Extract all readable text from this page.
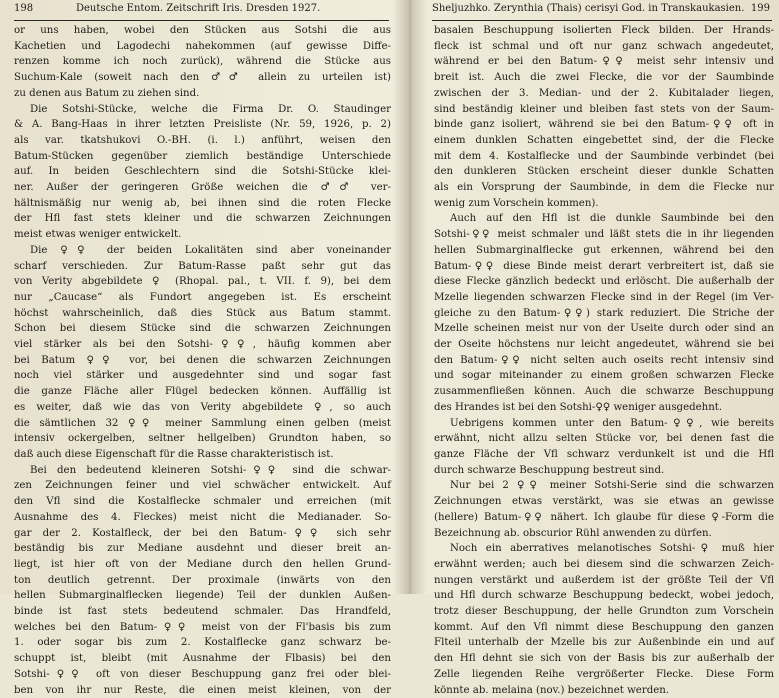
198	Deutsche Entom. Zeitschrift Iris. Dresden 1927.	Sheljuzhko. Zerynthia (Thais) cerisyi God. in Transkaukasien. 199
or uns haben, wobei den Stücken aus Sotshi die aus
Kachetien und Lagodechi nahekommen (auf gewisse Diffe-
renzen komme ich noch zurück), während die Stücke aus
Suchum-Kale (soweit nach den ♂♂ allein zu urteilen ist)
zu denen aus Batum zu ziehen sind.
Die Sotshi-Stücke, welche die Firma Dr. O. Staudinger
& A. Bang-Haas in ihrer letzten Preisliste (Nr. 59, 1926, p. 2)
als var. tkatshukovi O.-BH. (i. l.) anführt, weisen den
Batum-Stücken gegenüber ziemlich beständige Unterschiede
auf. In beiden Geschlechtern sind die Sotshi-Stücke klei-
ner. Außer der geringeren Größe weichen die ♂♂ ver-
hältnismäßig nur wenig ab, bei ihnen sind die roten Flecke
der Hfl fast stets kleiner und die schwarzen Zeichnungen
meist etwas weniger entwickelt.
Die ♀♀ der beiden Lokalitäten sind aber voneinander
scharf verschieden. Zur Batum-Rasse paßt sehr gut das
von Verity abgebildete ♀ (Rhopal. pal., t. VII. f. 9), bei dem
nur „Caucase“ als Fundort angegeben ist. Es erscheint
höchst wahrscheinlich, daß dies Stück aus Batum stammt.
Schon bei diesem Stücke sind die schwarzen Zeichnungen
viel stärker als bei den Sotshi-♀♀, häufig kommen aber
bei Batum ♀♀ vor, bei denen die schwarzen Zeichnungen
noch viel stärker und ausgedehnter sind und sogar fast
die ganze Fläche aller Flügel bedecken können. Auffällig ist
es weiter, daß wie das von Verity abgebildete ♀, so auch
die sämtlichen 32 ♀♀ meiner Sammlung einen gelben (meist
intensiv ockergelben, seltner hellgelben) Grundton haben, so
daß auch diese Eigenschaft für die Rasse charakteristisch ist.
Bei den bedeutend kleineren Sotshi-♀♀ sind die schwar-
zen Zeichnungen feiner und viel schwächer entwickelt. Auf
den Vfl sind die Kostalflecke schmaler und erreichen (mit
Ausnahme des 4. Fleckes) meist nicht die Medianader. So-
gar der 2. Kostalfleck, der bei den Batum-♀♀ sich sehr
beständig bis zur Mediane ausdehnt und dieser breit an-
liegt, ist hier oft von der Mediane durch den hellen Grund-
ton deutlich getrennt. Der proximale (inwärts von den
hellen Submarginalflecken liegende) Teil der dunklen Außen-
binde ist fast stets bedeutend schmaler. Das Hrandfeld,
welches bei den Batum-♀♀ meist von der Fl'basis bis zum
1. oder sogar bis zum 2. Kostalflecke ganz schwarz be-
schuppt ist, bleibt (mit Ausnahme der Flbasis) bei den
Sotshi-♀♀ oft von dieser Beschuppung ganz frei oder blei-
ben von ihr nur Reste, die einen meist kleinen, von der
basalen Beschuppung isolierten Fleck bilden. Der Hrands-
fleck ist schmal und oft nur ganz schwach angedeutet,
während er bei den Batum-♀♀ meist sehr intensiv und
breit ist. Auch die zwei Flecke, die vor der Saumbinde
zwischen der 3. Median- und der 2. Kubitalader liegen,
sind beständig kleiner und bleiben fast stets von der Saum-
binde ganz isoliert, während sie bei den Batum-♀♀ oft in
einem dunklen Schatten eingebettet sind, der die Flecke
mit dem 4. Kostalflecke und der Saumbinde verbindet (bei
den dunkleren Stücken erscheint dieser dunkle Schatten
als ein Vorsprung der Saumbinde, in dem die Flecke nur
wenig zum Vorschein kommen).
Auch auf den Hfl ist die dunkle Saumbinde bei den
Sotshi-♀♀ meist schmaler und läßt stets die in ihr liegenden
hellen Submarginalflecke gut erkennen, während bei den
Batum-♀♀ diese Binde meist derart verbreitert ist, daß sie
diese Flecke gänzlich bedeckt und erlöscht. Die außerhalb der
Mzelle liegenden schwarzen Flecke sind in der Regel (im Ver-
gleiche zu den Batum-♀♀) stark reduziert. Die Striche der
Mzelle scheinen meist nur von der Useite durch oder sind an
der Oseite höchstens nur leicht angedeutet, während sie bei
den Batum-♀♀ nicht selten auch oseits recht intensiv sind
und sogar miteinander zu einem großen schwarzen Flecke
zusammenfließen können. Auch die schwarze Beschuppung
des Hrandes ist bei den Sotshi-♀♀ weniger ausgedehnt.
Uebrigens kommen unter den Batum-♀♀, wie bereits
erwähnt, nicht allzu selten Stücke vor, bei denen fast die
ganze Fläche der Vfl schwarz verdunkelt ist und die Hfl
durch schwarze Beschuppung bestreut sind.
Nur bei 2 ♀♀ meiner Sotshi-Serie sind die schwarzen
Zeichnungen etwas verstärkt, was sie etwas an gewisse
(hellere) Batum-♀♀ nähert. Ich glaube für diese ♀-Form die
Bezeichnung ab. obscurior Rühl anwenden zu dürfen.
Noch ein aberratives melanotisches Sotshi-♀ muß hier
erwähnt werden; auch bei diesem sind die schwarzen Zeich-
nungen verstärkt und außerdem ist der größte Teil der Vfl
und Hfl durch schwarze Beschuppung bedeckt, wobei jedoch,
trotz dieser Beschuppung, der helle Grundton zum Vorschein
kommt. Auf den Vfl nimmt diese Beschuppung den ganzen
Flteil unterhalb der Mzelle bis zur Außenbinde ein und auf
den Hfl dehnt sie sich von der Basis bis zur außerhalb der
Zelle liegenden Reihe vergrößerter Flecke. Diese Form
könnte ab. melaina (nov.) bezeichnet werden.
